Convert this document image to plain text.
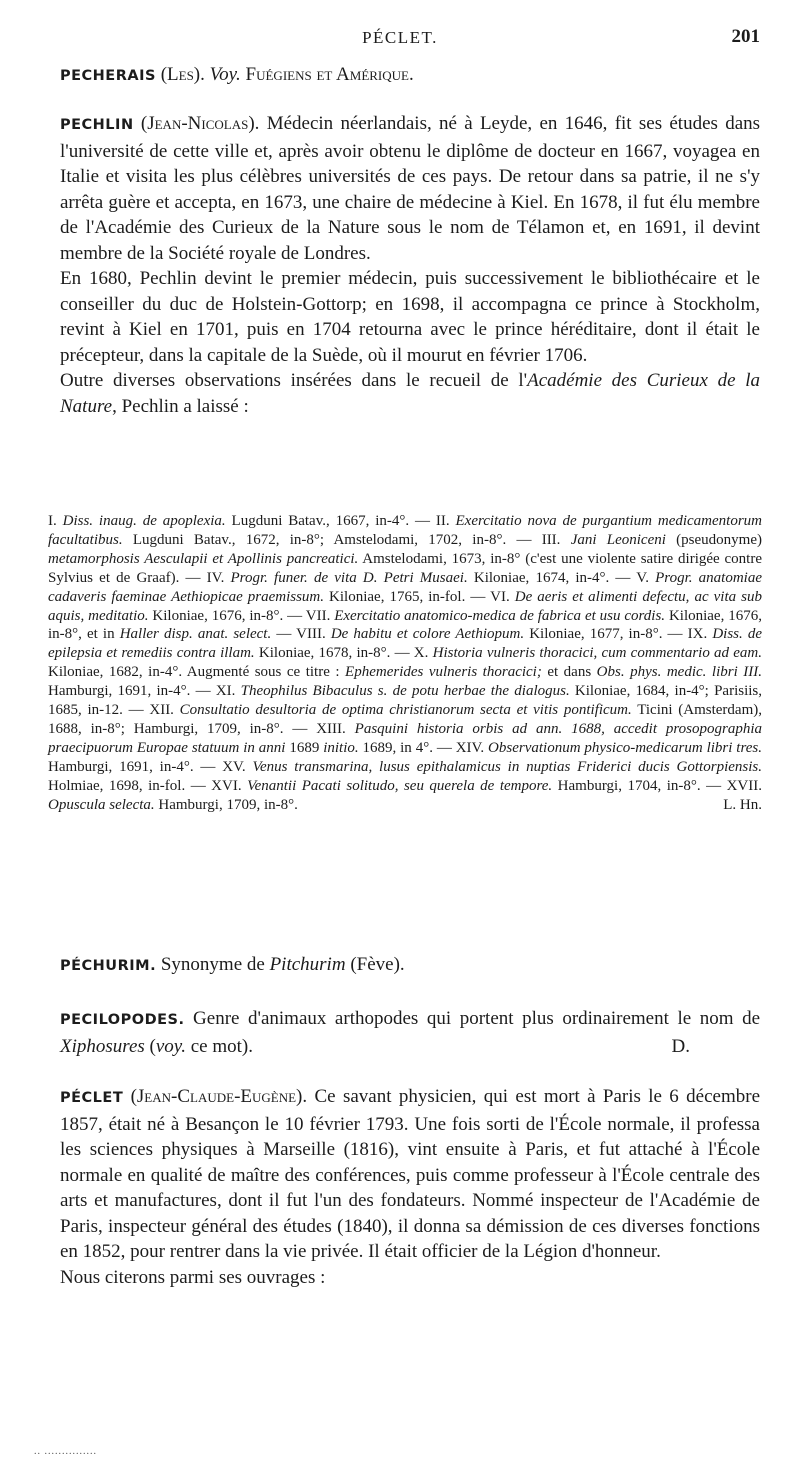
PÉCLET.	201

PECHERAIS (Les). Voy. Fuégiens et Amérique.

PECHLIN (Jean-Nicolas). Médecin néerlandais, né à Leyde, en 1646, fit ses études dans l'université de cette ville et, après avoir obtenu le diplôme de docteur en 1667, voyagea en Italie et visita les plus célèbres universités de ces pays. De retour dans sa patrie, il ne s'y arrêta guère et accepta, en 1673, une chaire de médecine à Kiel. En 1678, il fut élu membre de l'Académie des Curieux de la Nature sous le nom de Télamon et, en 1691, il devint membre de la Société royale de Londres.

En 1680, Pechlin devint le premier médecin, puis successivement le bibliothécaire et le conseiller du duc de Holstein-Gottorp; en 1698, il accompagna ce prince à Stockholm, revint à Kiel en 1701, puis en 1704 retourna avec le prince héréditaire, dont il était le précepteur, dans la capitale de la Suède, où il mourut en février 1706.

Outre diverses observations insérées dans le recueil de l'Académie des Curieux de la Nature, Pechlin a laissé :

I. Diss. inaug. de apoplexia. Lugduni Batav., 1667, in-4°. — II. Exercitatio nova de purgantium medicamentorum facultatibus. Lugduni Batav., 1672, in-8°; Amstelodami, 1702, in-8°. — III. Jani Leoniceni (pseudonyme) metamorphosis Aesculapii et Apollinis pancreatici. Amstelodami, 1673, in-8° (c'est une violente satire dirigée contre Sylvius et de Graaf). — IV. Progr. funer. de vita D. Petri Musaei. Kiloniae, 1674, in-4°. — V. Progr. anatomiae cadaveris faeminae Aethiopicae praemissum. Kiloniae, 1765, in-fol. — VI. De aeris et alimenti defectu, ac vita sub aquis, meditatio. Kiloniae, 1676, in-8°. — VII. Exercitatio anatomico-medica de fabrica et usu cordis. Kiloniae, 1676, in-8°, et in Haller disp. anat. select. — VIII. De habitu et colore Aethiopum. Kiloniae, 1677, in-8°. — IX. Diss. de epilepsia et remediis contra illam. Kiloniae, 1678, in-8°. — X. Historia vulneris thoracici, cum commentario ad eam. Kiloniae, 1682, in-4°. Augmenté sous ce titre : Ephemerides vulneris thoracici; et dans Obs. phys. medic. libri III. Hamburgi, 1691, in-4°. — XI. Theophilus Bibaculus s. de potu herbae the dialogus. Kiloniae, 1684, in-4°; Parisiis, 1685, in-12. — XII. Consultatio desultoria de optima christianorum secta et vitis pontificum. Ticini (Amsterdam), 1688, in-8°; Hamburgi, 1709, in-8°. — XIII. Pasquini historia orbis ad ann. 1688, accedit prosopographia praecipuorum Europae statuum in anni 1689 initio. 1689, in 4°. — XIV. Observationum physico-medicarum libri tres. Hamburgi, 1691, in-4°. — XV. Venus transmarina, lusus epithalamicus in nuptias Friderici ducis Gottorpiensis. Holmiae, 1698, in-fol. — XVI. Venantii Pacati solitudo, seu querela de tempore. Hamburgi, 1704, in-8°. — XVII. Opuscula selecta. Hamburgi, 1709, in-8°.	L. Hn.

PÉCHURIM. Synonyme de Pitchurim (Fève).

PECILOPODES. Genre d'animaux arthopodes qui portent plus ordinairement le nom de Xiphosures (voy. ce mot).	D.

PÉCLET (Jean-Claude-Eugène). Ce savant physicien, qui est mort à Paris le 6 décembre 1857, était né à Besançon le 10 février 1793. Une fois sorti de l'École normale, il professa les sciences physiques à Marseille (1816), vint ensuite à Paris, et fut attaché à l'École normale en qualité de maître des conférences, puis comme professeur à l'École centrale des arts et manufactures, dont il fut l'un des fondateurs. Nommé inspecteur de l'Académie de Paris, inspecteur général des études (1840), il donna sa démission de ces diverses fonctions en 1852, pour rentrer dans la vie privée. Il était officier de la Légion d'honneur.

Nous citerons parmi ses ouvrages :

.. ...............
